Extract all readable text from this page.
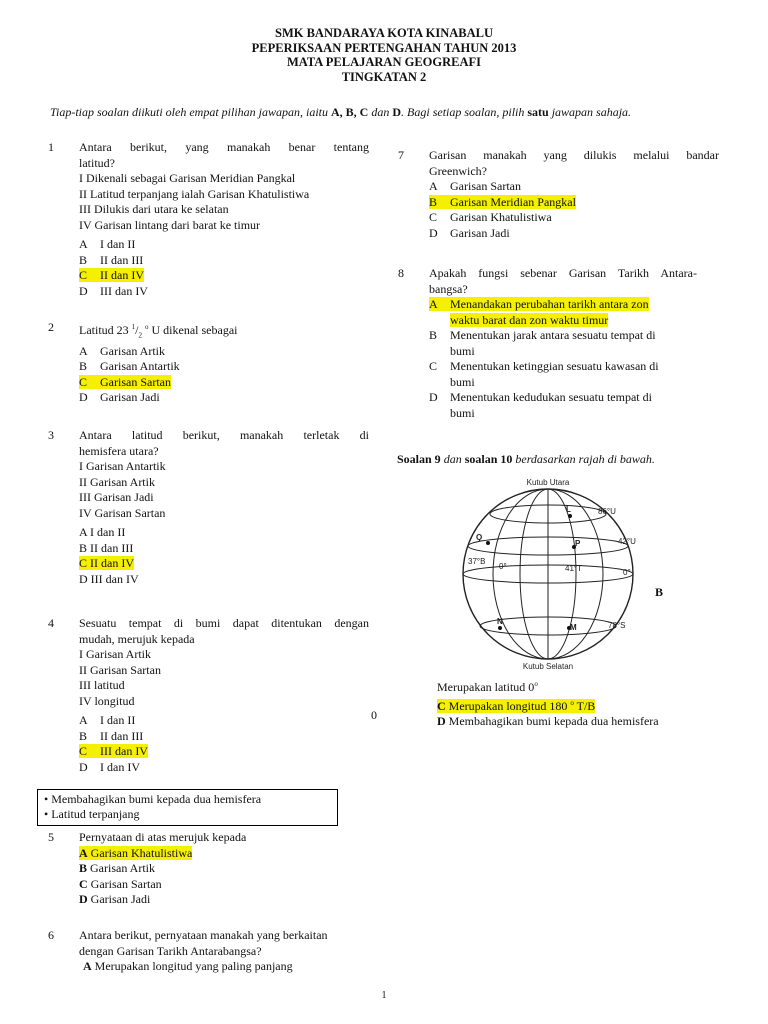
SMK BANDARAYA KOTA KINABALU
PEPERIKSAAN PERTENGAHAN TAHUN 2013
MATA PELAJARAN GEOGREAFI
TINGKATAN 2
Tiap-tiap soalan diikuti oleh empat pilihan jawapan, iaitu A, B, C dan D. Bagi setiap soalan, pilih satu jawapan sahaja.
1 Antara berikut, yang manakah benar tentang
latitud?
I Dikenali sebagai Garisan Meridian Pangkal
II Latitud terpanjang ialah Garisan Khatulistiwa
III Dilukis dari utara ke selatan
IV Garisan lintang dari barat ke timur
A I dan II
B II dan III
C II dan IV
D III dan IV
2 Latitud 23 $^1/_2$ $^o$ U dikenal sebagai
A Garisan Artik
B Garisan Antartik
C Garisan Sartan
D Garisan Jadi
3 Antara latitud berikut, manakah terletak di
hemisfera utara?
I Garisan Antartik
II Garisan Artik
III Garisan Jadi
IV Garisan Sartan
A I dan II
B II dan III
C II dan IV
D III dan IV
4 Sesuatu tempat di bumi dapat ditentukan dengan
mudah, merujuk kepada
I Garisan Artik
II Garisan Sartan
III latitud
IV longitud
A I dan II
B II dan III
C III dan IV
D I dan IV
• Membahagikan bumi kepada dua hemisfera
• Latitud terpanjang
5 Pernyataan di atas merujuk kepada
A Garisan Khatulistiwa
B Garisan Artik
C Garisan Sartan
D Garisan Jadi
6 Antara berikut, pernyataan manakah yang berkaitan
dengan Garisan Tarikh Antarabangsa?
A Merupakan longitud yang paling panjang
7 Garisan manakah yang dilukis melalui bandar
Greenwich?
A Garisan Sartan
B Garisan Meridian Pangkal
C Garisan Khatulistiwa
D Garisan Jadi
8 Apakah fungsi sebenar Garisan Tarikh Antara-
bangsa?
A Menandakan perubahan tarikh antara zon
waktu barat dan zon waktu timur
B Menentukan jarak antara sesuatu tempat di
bumi
C Menentukan ketinggian sesuatu kawasan di
bumi
D Menentukan kedudukan sesuatu tempat di
bumi
Soalan 9 dan soalan 10 berdasarkan rajah di bawah.
Kutub Utara
Kutub Selatan
86°U
42°U
0°
78°S
37°B
0°	41°T
L
Q
P
N
M
B
Merupakan latitud 0$^o$
C Merupakan longitud 180 $^o$ T/B
D Membahagikan bumi kepada dua hemisfera
0
1
